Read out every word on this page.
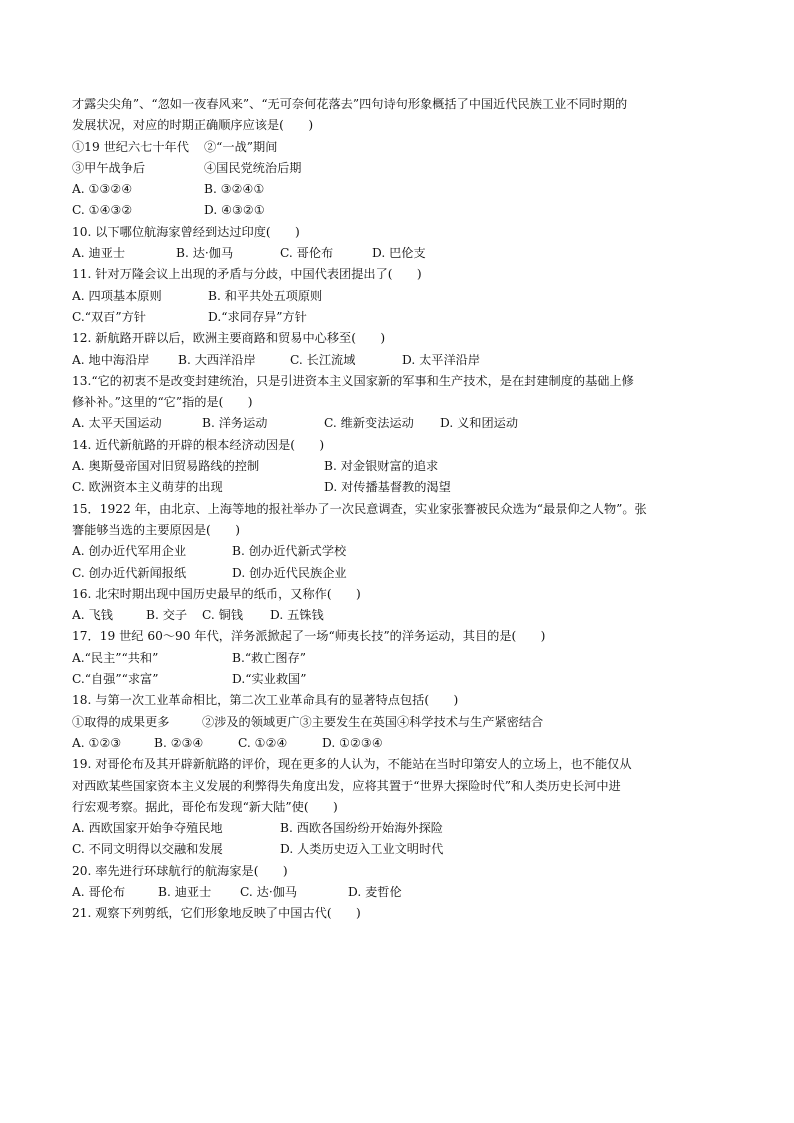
才露尖尖角”、“忽如一夜春风来”、“无可奈何花落去”四句诗句形象概括了中国近代民族工业不同时期的
发展状况，对应的时期正确顺序应该是(　　)
①19 世纪六七十年代 ②“一战”期间
③甲午战争后	④国民党统治后期
A. ①③②④	B. ③②④①
C. ①④③②	D. ④③②①
10. 以下哪位航海家曾经到达过印度(　　)
A. 迪亚士	B. 达·伽马	C. 哥伦布	D. 巴伦支
11. 针对万隆会议上出现的矛盾与分歧，中国代表团提出了(　　)
A. 四项基本原则	B. 和平共处五项原则
C.“双百”方针	D.“求同存异”方针
12. 新航路开辟以后，欧洲主要商路和贸易中心移至(　　)
A. 地中海沿岸 B. 大西洋沿岸	C. 长江流域	D. 太平洋沿岸
13.“它的初衷不是改变封建统治，只是引进资本主义国家新的军事和生产技术，是在封建制度的基础上修
修补补。”这里的“它”指的是(　　)
A. 太平天国运动	B. 洋务运动	C. 维新变法运动 D. 义和团运动
14. 近代新航路的开辟的根本经济动因是(　　)
A. 奥斯曼帝国对旧贸易路线的控制	B. 对金银财富的追求
C. 欧洲资本主义萌芽的出现	D. 对传播基督教的渴望
15．1922 年，由北京、上海等地的报社举办了一次民意调查，实业家张謇被民众选为“最景仰之人物”。张
謇能够当选的主要原因是(　　)
A. 创办近代军用企业	B. 创办近代新式学校
C. 创办近代新闻报纸	D. 创办近代民族企业
16. 北宋时期出现中国历史最早的纸币，又称作(　　)
A. 飞钱	B. 交子 C. 铜钱 D. 五铢钱
17．19 世纪 60～90 年代，洋务派掀起了一场“师夷长技”的洋务运动，其目的是(　　)
A.“民主”“共和”	B.“救亡图存”
C.“自强”“求富”	D.“实业救国”
18. 与第一次工业革命相比，第二次工业革命具有的显著特点包括(　　)
①取得的成果更多	②涉及的领域更广③主要发生在英国④科学技术与生产紧密结合
A. ①②③	B. ②③④	C. ①②④	D. ①②③④
19. 对哥伦布及其开辟新航路的评价，现在更多的人认为，不能站在当时印第安人的立场上，也不能仅从
对西欧某些国家资本主义发展的利弊得失角度出发，应将其置于“世界大探险时代”和人类历史长河中进
行宏观考察。据此，哥伦布发现“新大陆”使(　　)
A. 西欧国家开始争夺殖民地	B. 西欧各国纷纷开始海外探险
C. 不同文明得以交融和发展	D. 人类历史迈入工业文明时代
20. 率先进行环球航行的航海家是(　　)
A. 哥伦布	B. 迪亚士 C. 达·伽马	D. 麦哲伦
21. 观察下列剪纸，它们形象地反映了中国古代(　　)
